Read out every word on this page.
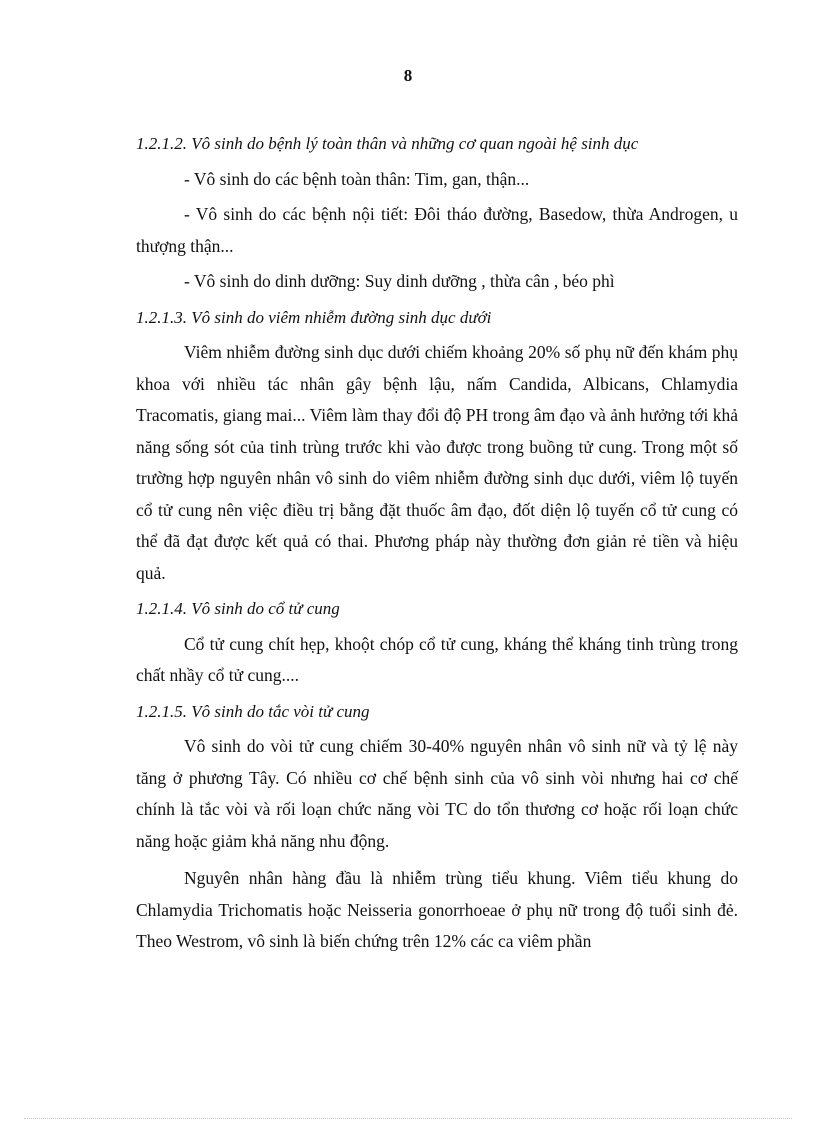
8
1.2.1.2. Vô sinh do bệnh lý toàn thân và những cơ quan ngoài hệ sinh dục

- Vô sinh do các bệnh toàn thân: Tim, gan, thận...

- Vô sinh do các bệnh nội tiết: Đôi tháo đường, Basedow, thừa Androgen, u thượng thận...

- Vô sinh do dinh dưỡng: Suy dinh dưỡng , thừa cân , béo phì

1.2.1.3. Vô sinh do viêm nhiễm đường sinh dục dưới

Viêm nhiễm đường sinh dục dưới chiếm khoảng 20% số phụ nữ đến khám phụ khoa với nhiều tác nhân gây bệnh lậu, nấm Candida, Albicans, Chlamydia Tracomatis, giang mai... Viêm làm thay đổi độ PH trong âm đạo và ảnh hưởng tới khả năng sống sót của tinh trùng trước khi vào được trong buồng tử cung. Trong một số trường hợp nguyên nhân vô sinh do viêm nhiễm đường sinh dục dưới, viêm lộ tuyến cổ tử cung nên việc điều trị bằng đặt thuốc âm đạo, đốt diện lộ tuyến cổ tử cung có thể đã đạt được kết quả có thai. Phương pháp này thường đơn giản rẻ tiền và hiệu quả.

1.2.1.4. Vô sinh do cổ tử cung

Cổ tử cung chít hẹp, khoột chóp cổ tử cung, kháng thể kháng tinh trùng trong chất nhầy cổ tử cung....

1.2.1.5. Vô sinh do tắc vòi tử cung

Vô sinh do vòi tử cung chiếm 30-40% nguyên nhân vô sinh nữ và tỷ lệ này tăng ở phương Tây. Có nhiều cơ chế bệnh sinh của vô sinh vòi nhưng hai cơ chế chính là tắc vòi và rối loạn chức năng vòi TC do tổn thương cơ hoặc rối loạn chức năng hoặc giảm khả năng nhu động.

Nguyên nhân hàng đầu là nhiễm trùng tiểu khung. Viêm tiểu khung do Chlamydia Trichomatis hoặc Neisseria gonorrhoeae ở phụ nữ trong độ tuổi sinh đẻ. Theo Westrom, vô sinh là biến chứng trên 12% các ca viêm phần
